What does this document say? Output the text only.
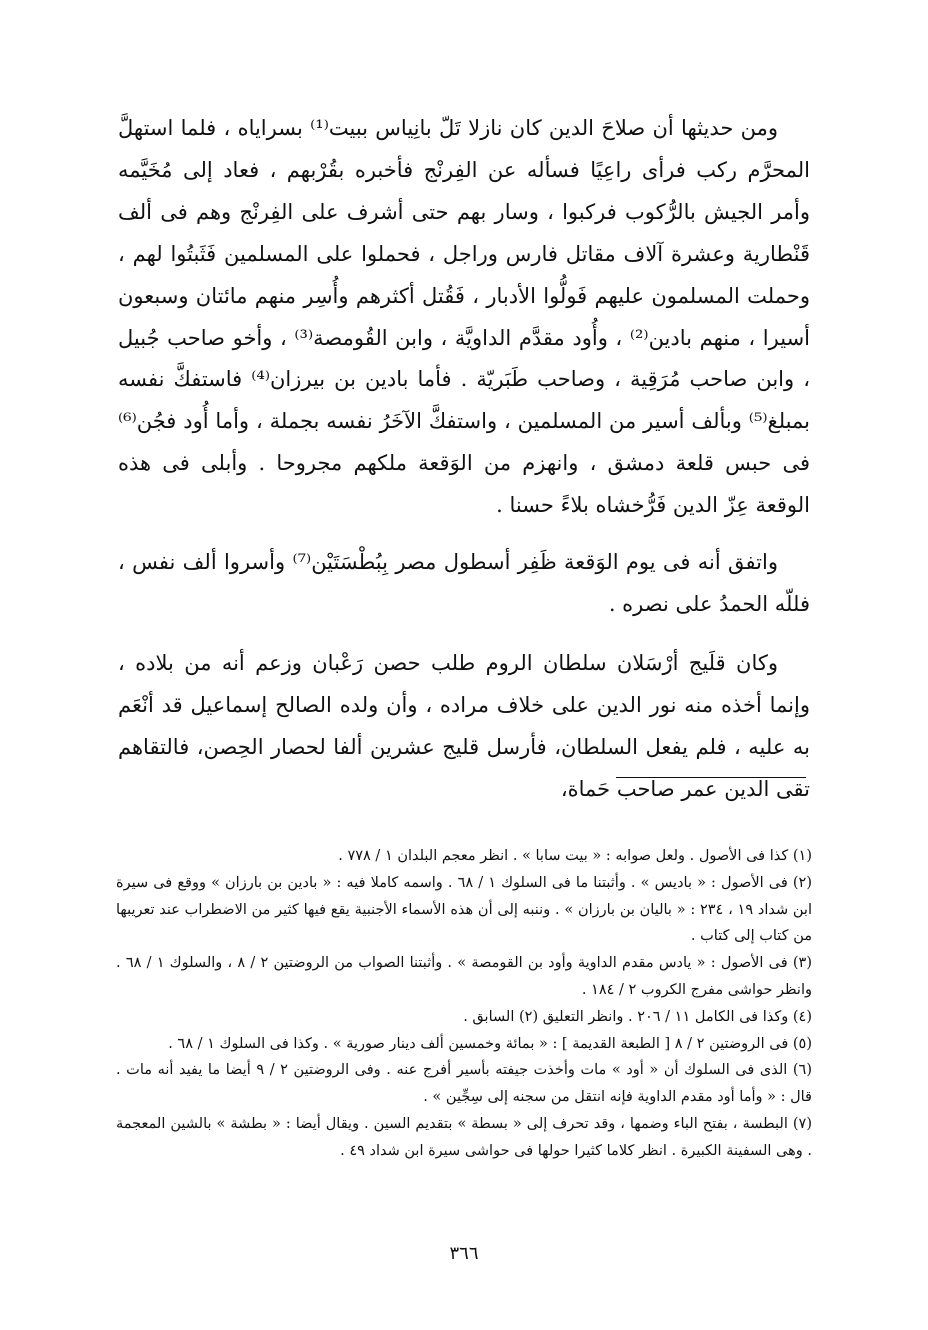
ومن حديثها أن صلاحَ الدين كان نازلا تَلّ بانِياس ببيت⁽¹⁾ بسراياه ، فلما استهلَّ المحرَّم ركب فرأى راعِيًا فسأله عن الفِرنْج فأخبره بقُرْبهم ، فعاد إلى مُخَيَّمه وأمر الجيش بالرُّكوب فركبوا ، وسار بهم حتى أشرف على الفِرنْج وهم فى ألف قَنْطارية وعشرة آلاف مقاتل فارس وراجل ، فحملوا على المسلمين فَثَبتُوا لهم ، وحملت المسلمون عليهم فَولُّوا الأدبار ، فَقُتل أكثرهم وأُسِر منهم مائتان وسبعون أسيرا ، منهم بادين⁽²⁾ ، وأُود مقدَّم الداويَّة ، وابن القُومصة⁽³⁾ ، وأخو صاحب جُبيل ، وابن صاحب مُرَقِية ، وصاحب طَبَريّة . فأما بادين بن بيرزان⁽⁴⁾ فاستفكَّ نفسه بمبلغ⁽⁵⁾ وبألف أسير من المسلمين ، واستفكَّ الآخَرُ نفسه بجملة ، وأما أُود فجُن⁽⁶⁾ فى حبس قلعة دمشق ، وانهزم من الوَقعة ملكهم مجروحا . وأبلى فى هذه الوقعة عِزّ الدين فَرُّخشاه بلاءً حسنا .

واتفق أنه فى يوم الوَقعة ظَفِر أسطول مصر بِبُطْسَتَيْن⁽⁷⁾ وأسروا ألف نفس ، فللّه الحمدُ على نصره .

وكان قلَيج أرْسَلان سلطان الروم طلب حصن رَعْبان وزعم أنه من بلاده ، وإنما أخذه منه نور الدين على خلاف مراده ، وأن ولده الصالح إسماعيل قد أنْعَم به عليه ، فلم يفعل السلطان، فأرسل قليج عشرين ألفا لحصار الحِصن، فالتقاهم تقى الدين عمر صاحب حَماة،

(١) كذا فى الأصول . ولعل صوابه : « بيت سابا » . انظر معجم البلدان ١ / ٧٧٨ .

(٢) فى الأصول : « باديس » . وأثبتنا ما فى السلوك ١ / ٦٨ . واسمه كاملا فيه : « بادين بن بارزان » ووقع فى سيرة ابن شداد ١٩ ، ٢٣٤ : « باليان بن بارزان » . وننبه إلى أن هذه الأسماء الأجنبية يقع فيها كثير من الاضطراب عند تعريبها من كتاب إلى كتاب .

(٣) فى الأصول : « يادس مقدم الداوية وأود بن القومصة » . وأثبتنا الصواب من الروضتين ٢ / ٨ ، والسلوك ١ / ٦٨ . وانظر حواشى مفرج الكروب ٢ / ١٨٤ .

(٤) وكذا فى الكامل ١١ / ٢٠٦ . وانظر التعليق (٢) السابق .

(٥) فى الروضتين ٢ / ٨ [ الطبعة القديمة ] : « بمائة وخمسين ألف دينار صورية » . وكذا فى السلوك ١ / ٦٨ .

(٦) الذى فى السلوك أن « أود » مات وأخذت جيفته بأسير أفرج عنه . وفى الروضتين ٢ / ٩ أيضا ما يفيد أنه مات . قال : « وأما أود مقدم الداوية فإنه انتقل من سجنه إلى سِجِّين » .

(٧) البطسة ، بفتح الباء وضمها ، وقد تحرف إلى « بسطة » بتقديم السين . ويقال أيضا : « بطشة » بالشين المعجمة . وهى السفينة الكبيرة . انظر كلاما كثيرا حولها فى حواشى سيرة ابن شداد ٤٩ .

٣٦٦
